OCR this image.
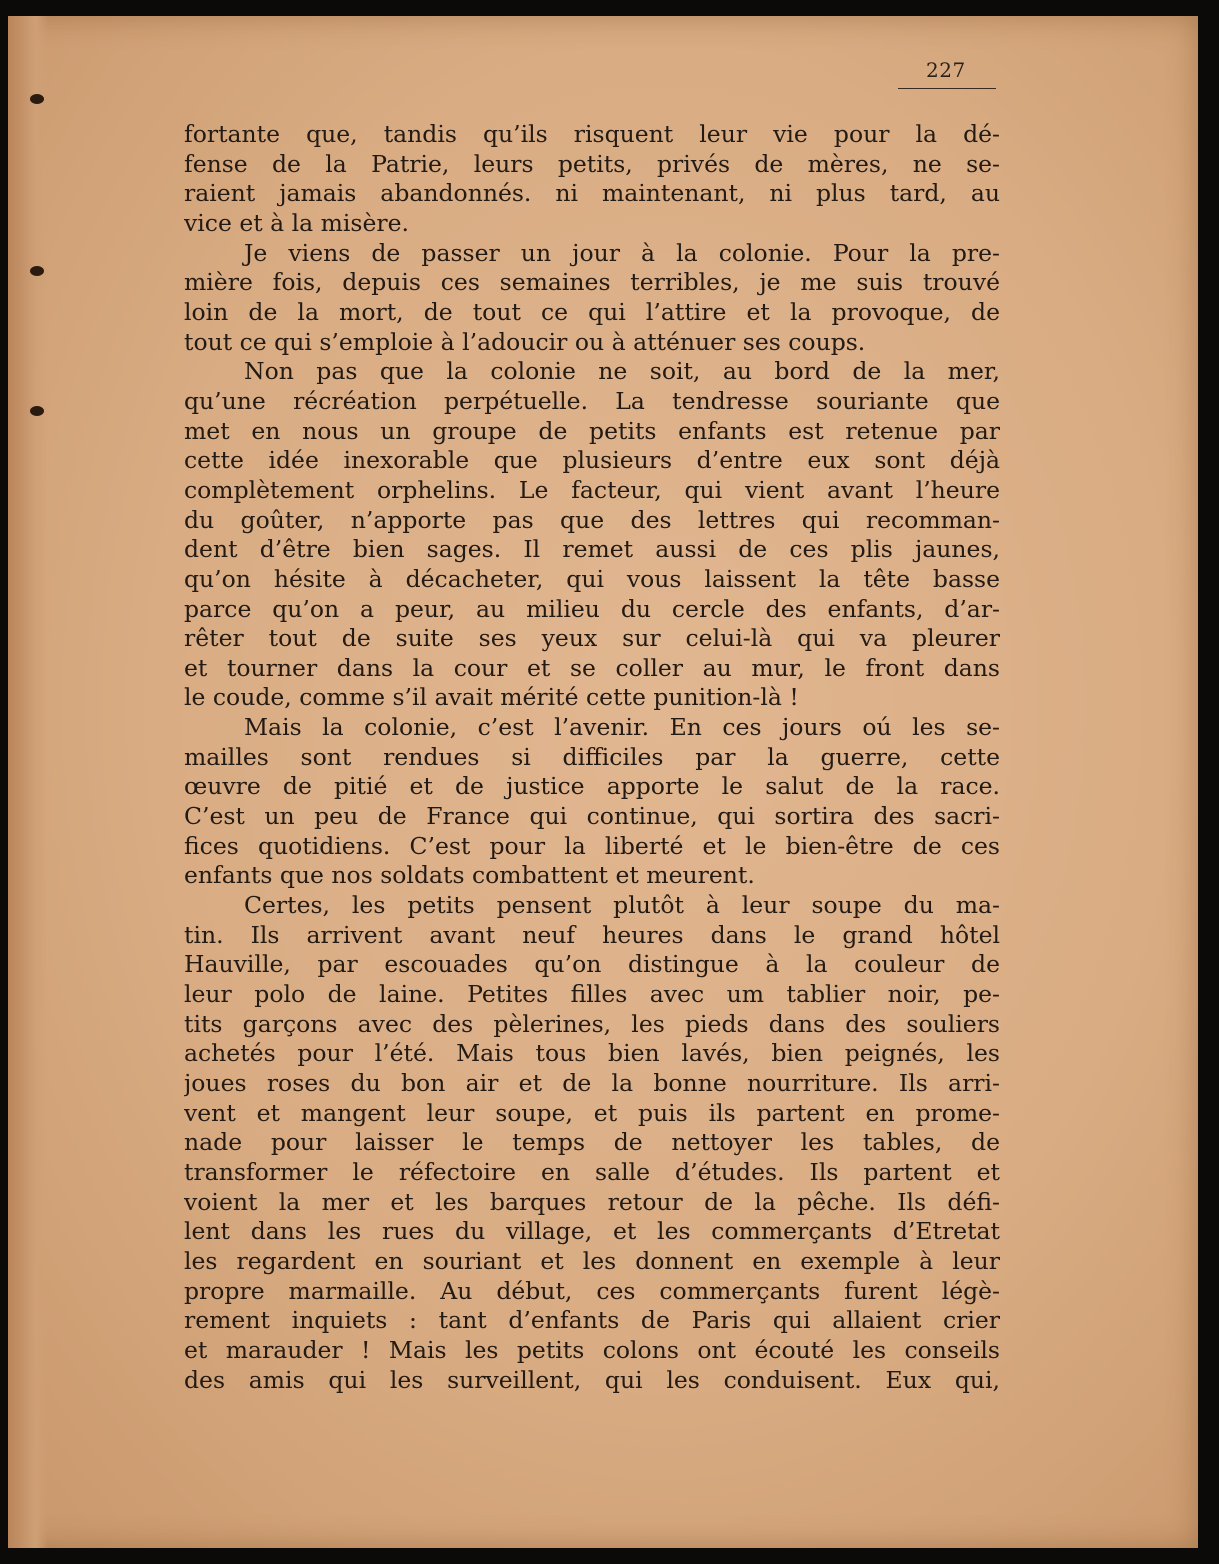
227
fortante que, tandis qu’ils risquent leur vie pour la dé-
fense de la Patrie, leurs petits, privés de mères, ne se-
raient jamais abandonnés. ni maintenant, ni plus tard, au
vice et à la misère.
Je viens de passer un jour à la colonie. Pour la pre-
mière fois, depuis ces semaines terribles, je me suis trouvé
loin de la mort, de tout ce qui l’attire et la provoque, de
tout ce qui s’emploie à l’adoucir ou à atténuer ses coups.
Non pas que la colonie ne soit, au bord de la mer,
qu’une récréation perpétuelle. La tendresse souriante que
met en nous un groupe de petits enfants est retenue par
cette idée inexorable que plusieurs d’entre eux sont déjà
complètement orphelins. Le facteur, qui vient avant l’heure
du goûter, n’apporte pas que des lettres qui recomman-
dent d’être bien sages. Il remet aussi de ces plis jaunes,
qu’on hésite à décacheter, qui vous laissent la tête basse
parce qu’on a peur, au milieu du cercle des enfants, d’ar-
rêter tout de suite ses yeux sur celui-là qui va pleurer
et tourner dans la cour et se coller au mur, le front dans
le coude, comme s’il avait mérité cette punition-là !
Mais la colonie, c’est l’avenir. En ces jours oú les se-
mailles sont rendues si difficiles par la guerre, cette
œuvre de pitié et de justice apporte le salut de la race.
C’est un peu de France qui continue, qui sortira des sacri-
fices quotidiens. C’est pour la liberté et le bien-être de ces
enfants que nos soldats combattent et meurent.
Certes, les petits pensent plutôt à leur soupe du ma-
tin. Ils arrivent avant neuf heures dans le grand hôtel
Hauville, par escouades qu’on distingue à la couleur de
leur polo de laine. Petites filles avec um tablier noir, pe-
tits garçons avec des pèlerines, les pieds dans des souliers
achetés pour l’été. Mais tous bien lavés, bien peignés, les
joues roses du bon air et de la bonne nourriture. Ils arri-
vent et mangent leur soupe, et puis ils partent en prome-
nade pour laisser le temps de nettoyer les tables, de
transformer le réfectoire en salle d’études. Ils partent et
voient la mer et les barques retour de la pêche. Ils défi-
lent dans les rues du village, et les commerçants d’Etretat
les regardent en souriant et les donnent en exemple à leur
propre marmaille. Au début, ces commerçants furent légè-
rement inquiets : tant d’enfants de Paris qui allaient crier
et marauder ! Mais les petits colons ont écouté les conseils
des amis qui les surveillent, qui les conduisent. Eux qui,
